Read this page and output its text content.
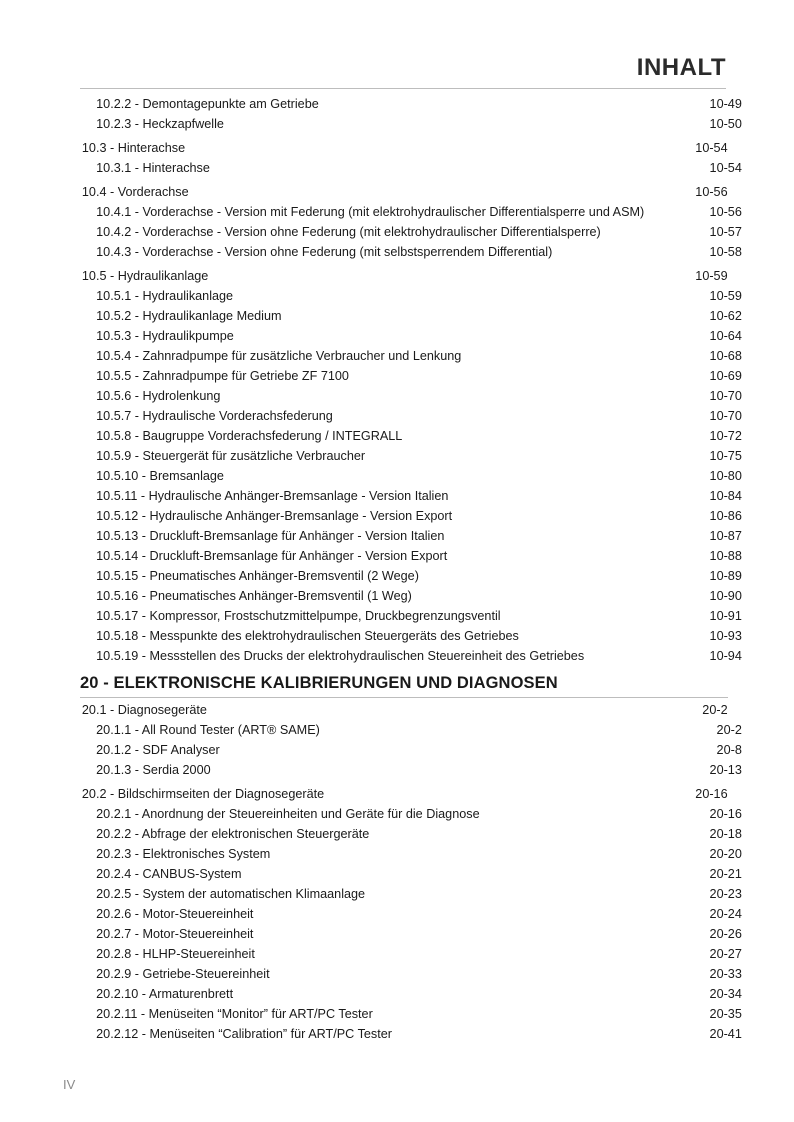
INHALT
10.2.2 - Demontagepunkte am Getriebe	10-49
10.2.3 - Heckzapfwelle	10-50
10.3 - Hinterachse	10-54
10.3.1 - Hinterachse	10-54
10.4 - Vorderachse	10-56
10.4.1 - Vorderachse - Version mit Federung (mit elektrohydraulischer Differentialsperre und ASM)	10-56
10.4.2 - Vorderachse - Version ohne Federung (mit elektrohydraulischer Differentialsperre)	10-57
10.4.3 - Vorderachse - Version ohne Federung (mit selbstsperrendem Differential)	10-58
10.5 - Hydraulikanlage	10-59
10.5.1 - Hydraulikanlage	10-59
10.5.2 - Hydraulikanlage Medium	10-62
10.5.3 - Hydraulikpumpe	10-64
10.5.4 - Zahnradpumpe für zusätzliche Verbraucher und Lenkung	10-68
10.5.5 - Zahnradpumpe für Getriebe ZF 7100	10-69
10.5.6 - Hydrolenkung	10-70
10.5.7 - Hydraulische Vorderachsfederung	10-70
10.5.8 - Baugruppe Vorderachsfederung / INTEGRALL	10-72
10.5.9 - Steuergerät für zusätzliche Verbraucher	10-75
10.5.10 - Bremsanlage	10-80
10.5.11 - Hydraulische Anhänger-Bremsanlage - Version Italien	10-84
10.5.12 - Hydraulische Anhänger-Bremsanlage - Version Export	10-86
10.5.13 - Druckluft-Bremsanlage für Anhänger - Version Italien	10-87
10.5.14 - Druckluft-Bremsanlage für Anhänger - Version Export	10-88
10.5.15 - Pneumatisches Anhänger-Bremsventil (2 Wege)	10-89
10.5.16 - Pneumatisches Anhänger-Bremsventil (1 Weg)	10-90
10.5.17 - Kompressor, Frostschutzmittelpumpe, Druckbegrenzungsventil	10-91
10.5.18 - Messpunkte des elektrohydraulischen Steuergeräts des Getriebes	10-93
10.5.19 - Messstellen des Drucks der elektrohydraulischen Steuereinheit des Getriebes	10-94
20 - ELEKTRONISCHE KALIBRIERUNGEN UND DIAGNOSEN
20.1 - Diagnosegeräte	20-2
20.1.1 - All Round Tester (ART® SAME)	20-2
20.1.2 - SDF Analyser	20-8
20.1.3 - Serdia 2000	20-13
20.2 - Bildschirmseiten der Diagnosegeräte	20-16
20.2.1 - Anordnung der Steuereinheiten und Geräte für die Diagnose	20-16
20.2.2 - Abfrage der elektronischen Steuergeräte	20-18
20.2.3 - Elektronisches System	20-20
20.2.4 - CANBUS-System	20-21
20.2.5 - System der automatischen Klimaanlage	20-23
20.2.6 - Motor-Steuereinheit	20-24
20.2.7 - Motor-Steuereinheit	20-26
20.2.8 - HLHP-Steuereinheit	20-27
20.2.9 - Getriebe-Steuereinheit	20-33
20.2.10 - Armaturenbrett	20-34
20.2.11 - Menüseiten “Monitor” für ART/PC Tester	20-35
20.2.12 - Menüseiten “Calibration” für ART/PC Tester	20-41
IV
